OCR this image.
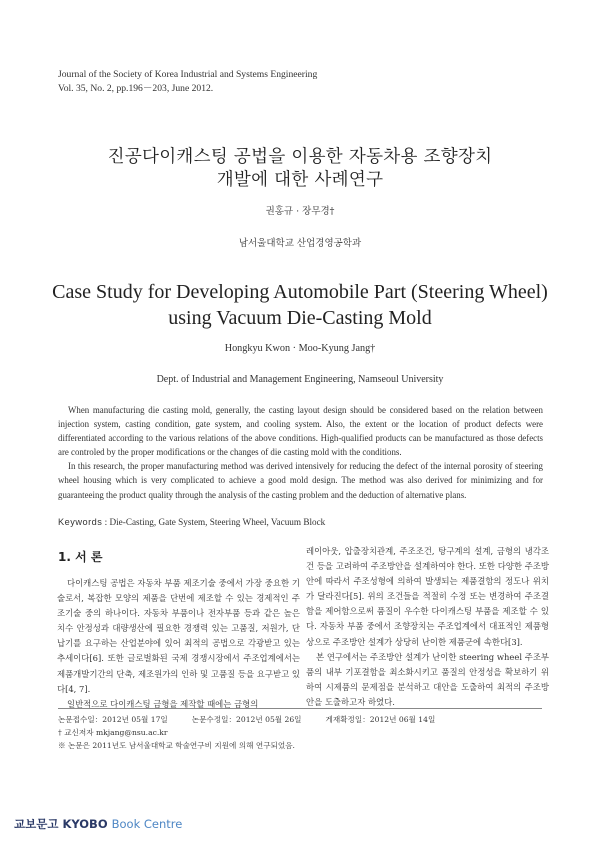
Journal of the Society of Korea Industrial and Systems Engineering
Vol. 35, No. 2, pp.196－203, June 2012.
진공다이캐스팅 공법을 이용한 자동차용 조향장치
개발에 대한 사례연구
권홍규 · 장무경†
남서울대학교 산업경영공학과
Case Study for Developing Automobile Part (Steering Wheel)
using Vacuum Die-Casting Mold
Hongkyu Kwon · Moo-Kyung Jang†
Dept. of Industrial and Management Engineering, Namseoul University

When manufacturing die casting mold, generally, the casting layout design should be considered based on the relation between injection system, casting condition, gate system, and cooling system. Also, the extent or the location of product defects were differentiated according to the various relations of the above conditions. High-qualified products can be manufactured as those defects are controled by the proper modifications or the changes of die casting mold with the conditions.

In this research, the proper manufacturing method was derived intensively for reducing the defect of the internal porosity of steering wheel housing which is very complicated to achieve a good mold design. The method was also derived for minimizing and for guaranteeing the product quality through the analysis of the casting problem and the deduction of alternative plans.

Keywords : Die-Casting, Gate System, Steering Wheel, Vacuum Block
1. 서 론

다이캐스팅 공법은 자동차 부품 제조기술 중에서 가장 중요한 기술로서, 복잡한 모양의 제품을 단번에 제조할 수 있는 경제적인 주조기술 중의 하나이다. 자동차 부품이나 전자부품 등과 같은 높은 치수 안정성과 대량생산에 필요한 경쟁력 있는 고품질, 저원가, 단납기를 요구하는 산업분야에 있어 최적의 공법으로 각광받고 있는 추세이다[6]. 또한 글로벌화된 국제 경쟁시장에서 주조업계에서는 제품개발기간의 단축, 제조원가의 인하 및 고품질 등을 요구받고 있다[4, 7].

일반적으로 다이캐스팅 금형을 제작할 때에는 금형의

레이아웃, 압출장치관계, 주조조건, 탕구계의 설계, 금형의 냉각조건 등을 고려하여 주조방안을 설계하여야 한다. 또한 다양한 주조방안에 따라서 주조성형에 의하여 발생되는 제품결함의 정도나 위치가 달라진다[5]. 위의 조건들을 적절히 수정 또는 변경하여 주조결함을 제어함으로써 품질이 우수한 다이캐스팅 부품을 제조할 수 있다. 자동차 부품 중에서 조향장치는 주조업계에서 대표적인 제품형상으로 주조방안 설계가 상당히 난이한 제품군에 속한다[3].

본 연구에서는 주조방안 설계가 난이한 steering wheel 주조부품의 내부 기포결함을 최소화시키고 품질의 안정성을 확보하기 위하여 시제품의 문제점을 분석하고 대안을 도출하여 최적의 주조방안을 도출하고자 하였다.

논문접수일：2012년 05월 17일	논문수정일：2012년 05월 26일	게재확정일：2012년 06월 14일
† 교신저자 mkjang@nsu.ac.kr
※ 논문은 2011년도 남서울대학교 학술연구비 지원에 의해 연구되었음.
교보문고 KYOBO Book Centre
